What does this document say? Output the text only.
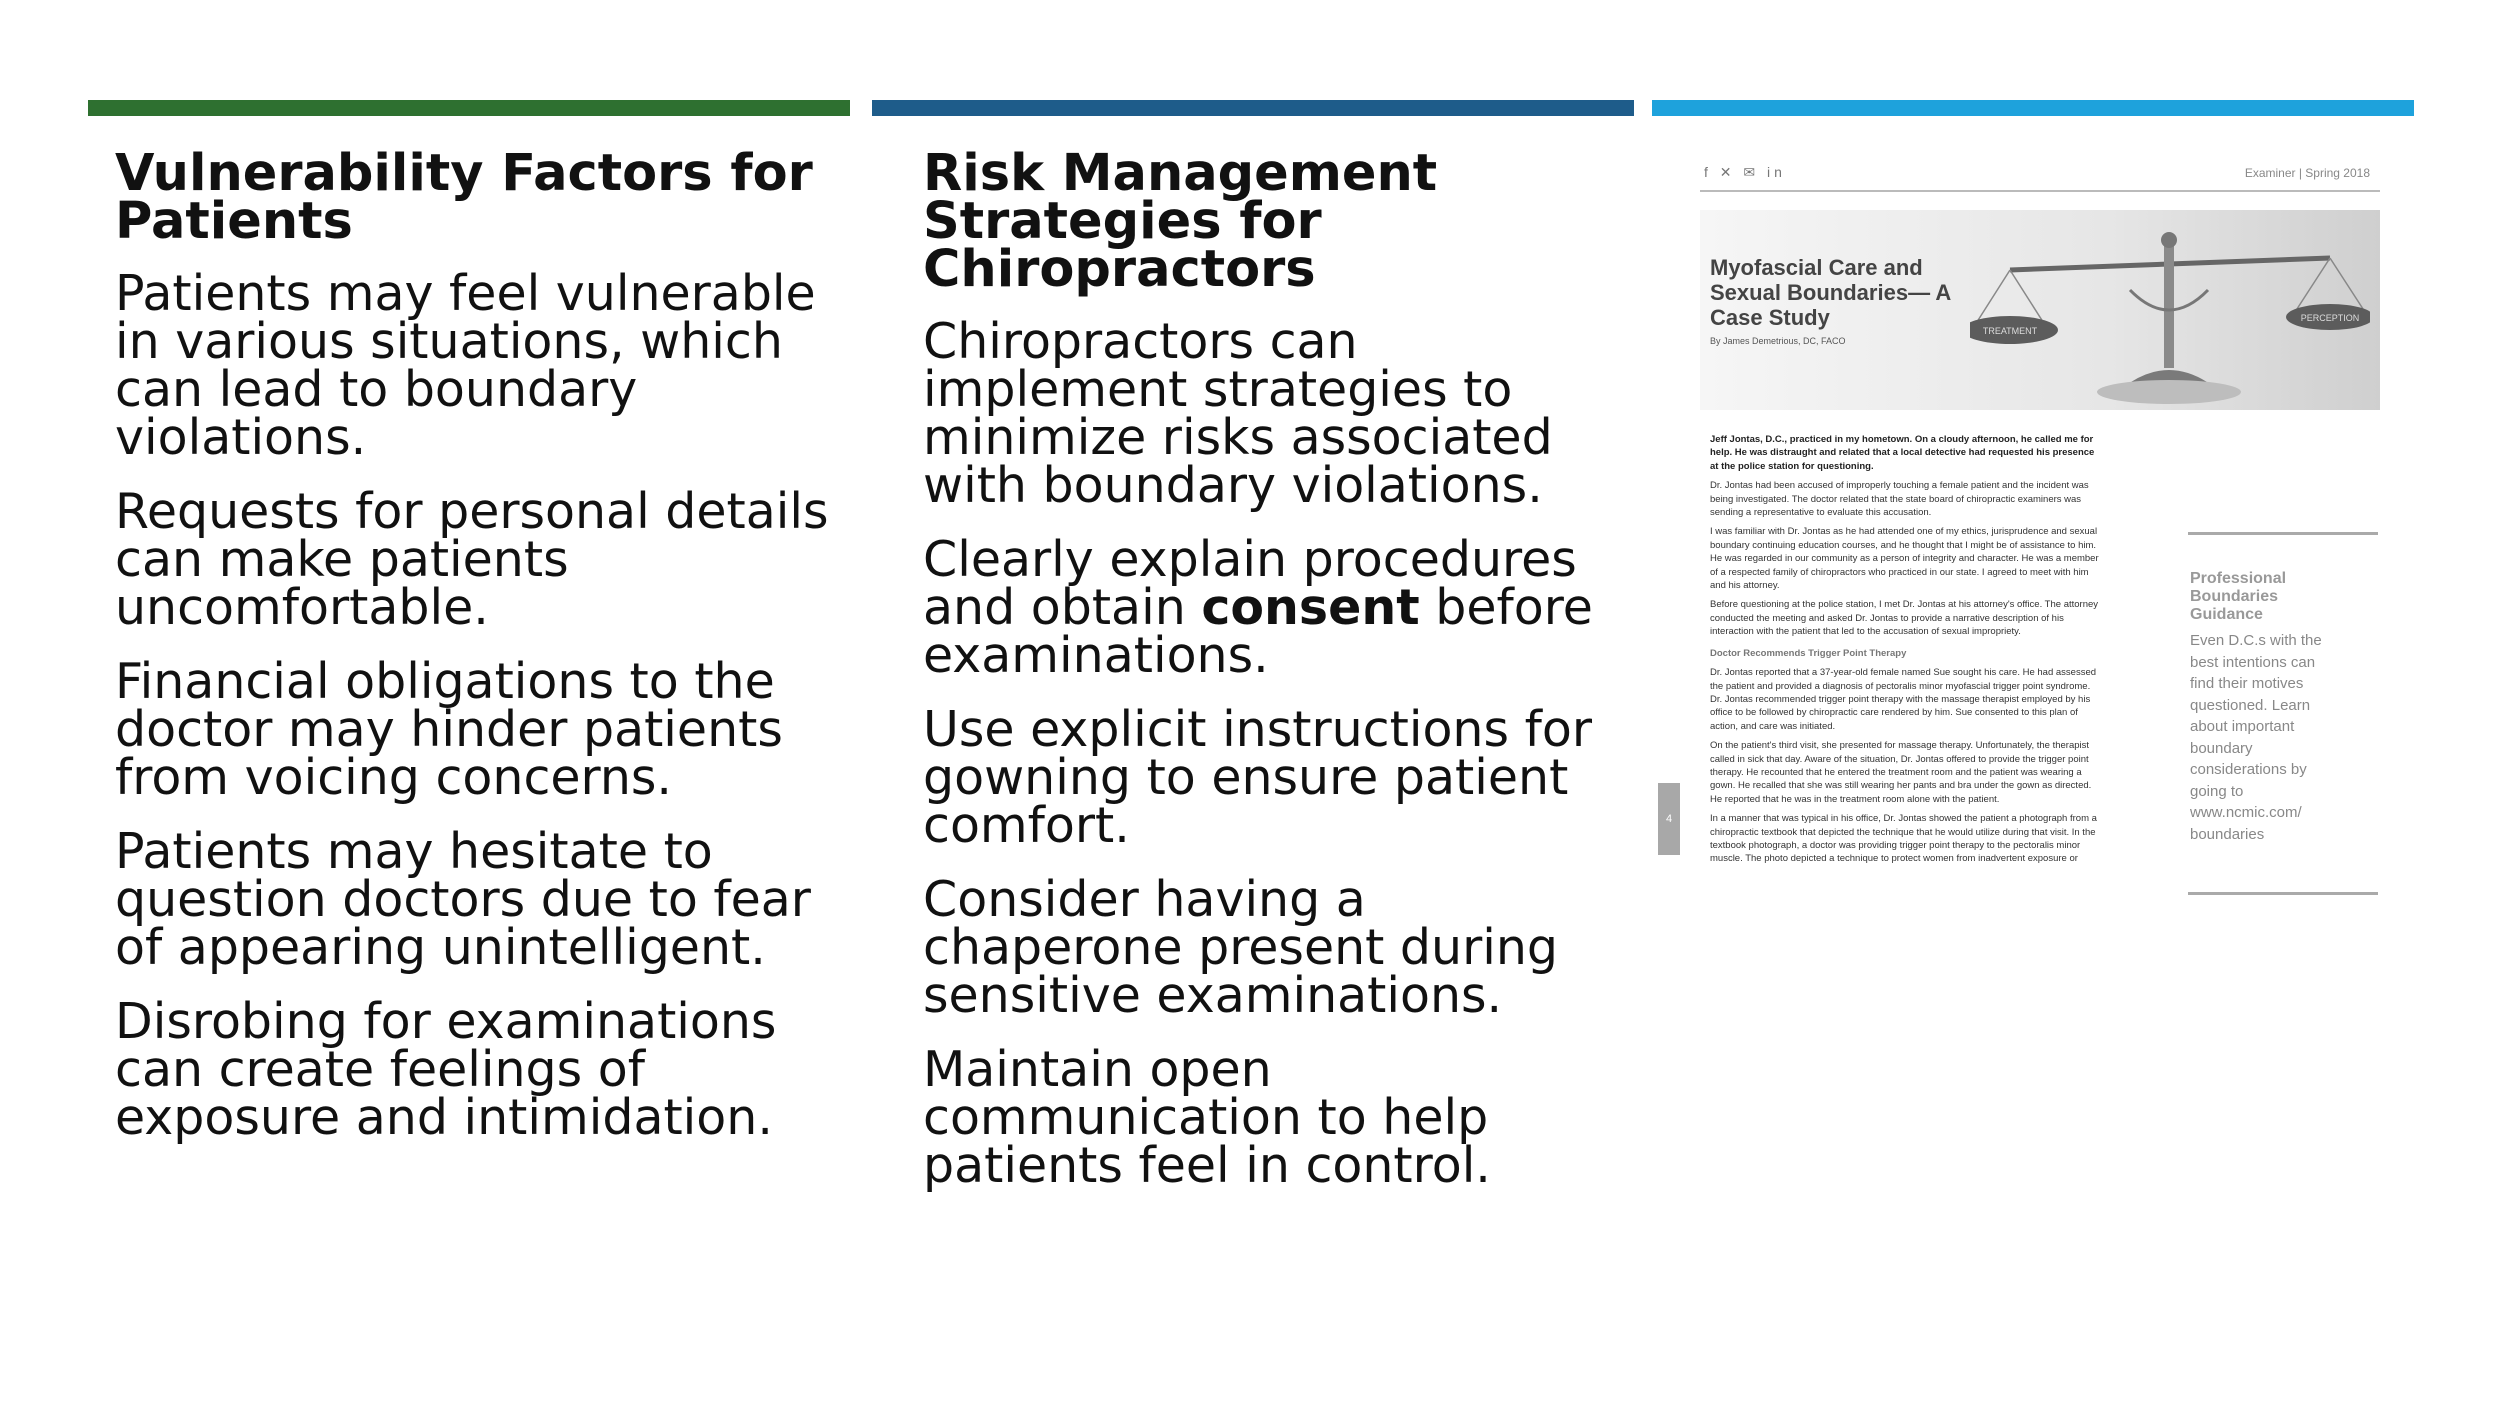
Vulnerability Factors for Patients

Patients may feel vulnerable in various situations, which can lead to boundary violations.

Requests for personal details can make patients uncomfortable.

Financial obligations to the doctor may hinder patients from voicing concerns.

Patients may hesitate to question doctors due to fear of appearing unintelligent.

Disrobing for examinations can create feelings of exposure and intimidation.

Risk Management Strategies for Chiropractors

Chiropractors can implement strategies to minimize risks associated with boundary violations.

Clearly explain procedures and obtain consent before examinations.

Use explicit instructions for gowning to ensure patient comfort.

Consider having a chaperone present during sensitive examinations.

Maintain open communication to help patients feel in control.

4
f ✕ ✉ in	Examiner | Spring 2018
TREATMENT
PERCEPTION
Myofascial Care and Sexual Boundaries— A Case Study
By James Demetrious, DC, FACO

Jeff Jontas, D.C., practiced in my hometown. On a cloudy afternoon, he called me for help. He was distraught and related that a local detective had requested his presence at the police station for questioning.

Dr. Jontas had been accused of improperly touching a female patient and the incident was being investigated. The doctor related that the state board of chiropractic examiners was sending a representative to evaluate this accusation.

I was familiar with Dr. Jontas as he had attended one of my ethics, jurisprudence and sexual boundary continuing education courses, and he thought that I might be of assistance to him. He was regarded in our community as a person of integrity and character. He was a member of a respected family of chiropractors who practiced in our state. I agreed to meet with him and his attorney.

Before questioning at the police station, I met Dr. Jontas at his attorney's office. The attorney conducted the meeting and asked Dr. Jontas to provide a narrative description of his interaction with the patient that led to the accusation of sexual impropriety.

Doctor Recommends Trigger Point Therapy

Dr. Jontas reported that a 37-year-old female named Sue sought his care. He had assessed the patient and provided a diagnosis of pectoralis minor myofascial trigger point syndrome. Dr. Jontas recommended trigger point therapy with the massage therapist employed by his office to be followed by chiropractic care rendered by him. Sue consented to this plan of action, and care was initiated.

On the patient's third visit, she presented for massage therapy. Unfortunately, the therapist called in sick that day. Aware of the situation, Dr. Jontas offered to provide the trigger point therapy. He recounted that he entered the treatment room and the patient was wearing a gown. He recalled that she was still wearing her pants and bra under the gown as directed. He reported that he was in the treatment room alone with the patient.

In a manner that was typical in his office, Dr. Jontas showed the patient a photograph from a chiropractic textbook that depicted the technique that he would utilize during that visit. In the textbook photograph, a doctor was providing trigger point therapy to the pectoralis minor muscle. The photo depicted a technique to protect women from inadvertent exposure or

Professional Boundaries Guidance
Even D.C.s with the best intentions can find their motives questioned. Learn about important boundary considerations by going to www.ncmic.com/ boundaries
